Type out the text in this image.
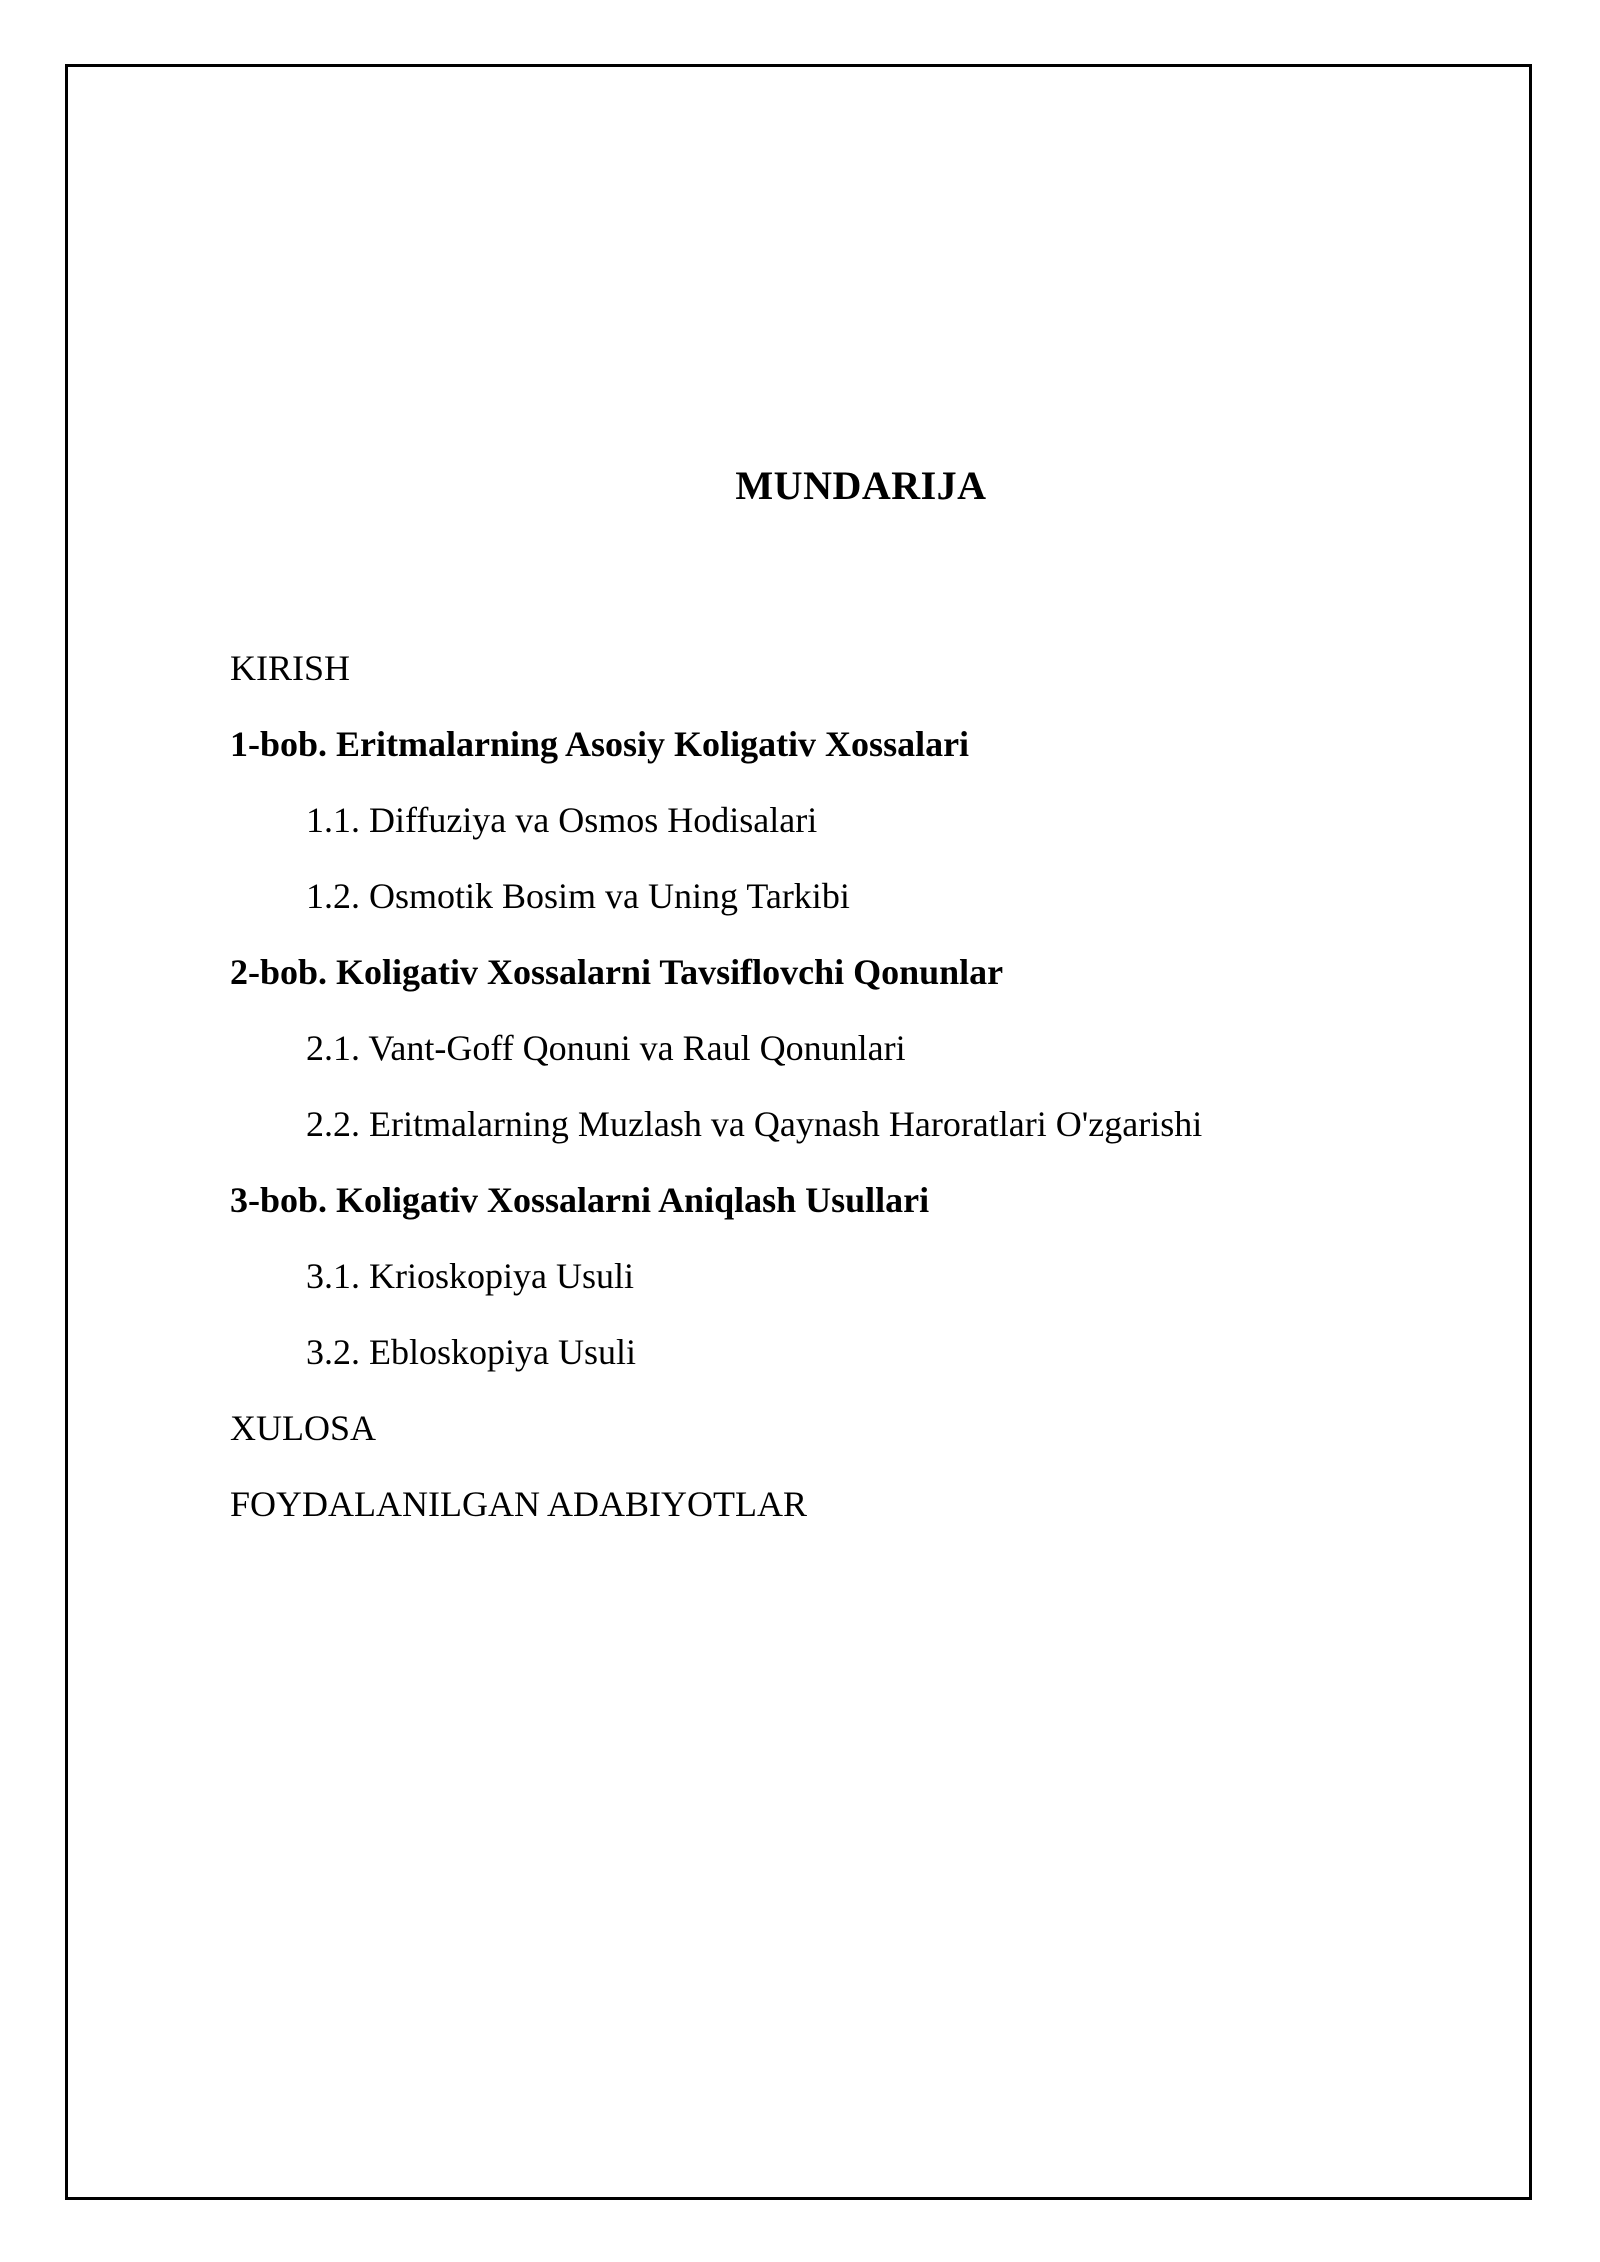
MUNDARIJA
KIRISH
1-bob. Eritmalarning Asosiy Koligativ Xossalari
1.1. Diffuziya va Osmos Hodisalari
1.2. Osmotik Bosim va Uning Tarkibi
2-bob. Koligativ Xossalarni Tavsiflovchi Qonunlar
2.1. Vant-Goff Qonuni va Raul Qonunlari
2.2. Eritmalarning Muzlash va Qaynash Haroratlari O'zgarishi
3-bob. Koligativ Xossalarni Aniqlash Usullari
3.1. Krioskopiya Usuli
3.2. Ebloskopiya Usuli
XULOSA
FOYDALANILGAN ADABIYOTLAR
